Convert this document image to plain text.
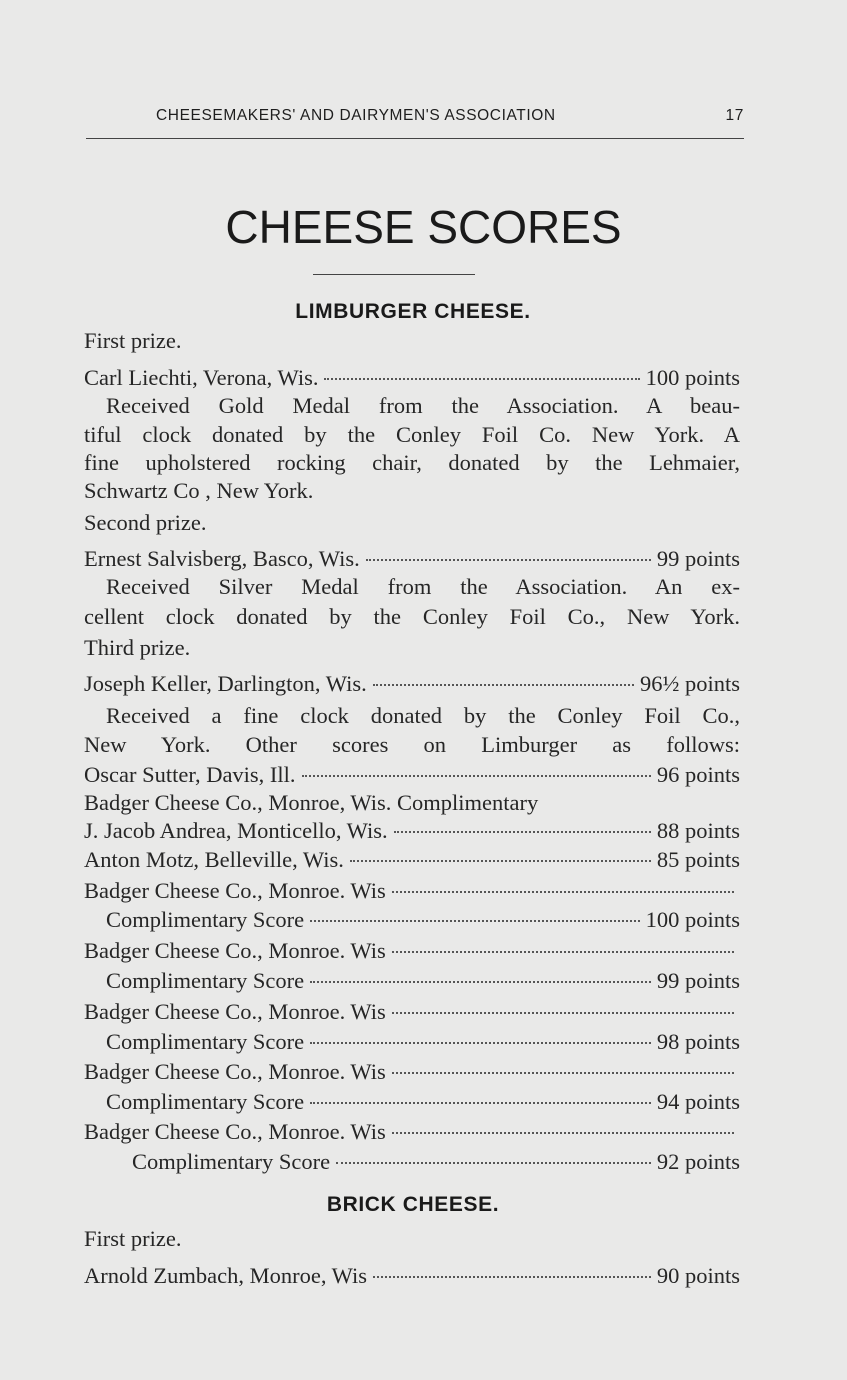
CHEESEMAKERS' AND DAIRYMEN'S ASSOCIATION	17
CHEESE SCORES
LIMBURGER CHEESE.
First prize.
Carl Liechti, Verona, Wis.	100 points
Received Gold Medal from the Association. A beau-
tiful clock donated by the Conley Foil Co. New York. A
fine upholstered rocking chair, donated by the Lehmaier,
Schwartz Co , New York.
Second prize.
Ernest Salvisberg, Basco, Wis.	99 points
Received Silver Medal from the Association. An ex-
cellent clock donated by the Conley Foil Co., New York.
Third prize.
Joseph Keller, Darlington, Wis.	96½ points
Received a fine clock donated by the Conley Foil Co.,
New York. Other scores on Limburger as follows:
Oscar Sutter, Davis, Ill.	96 points
Badger Cheese Co., Monroe, Wis. Complimentary
J. Jacob Andrea, Monticello, Wis.	88 points
Anton Motz, Belleville, Wis.	85 points
Badger Cheese Co., Monroe. Wis
Complimentary Score	100 points
Badger Cheese Co., Monroe. Wis
Complimentary Score	99 points
Badger Cheese Co., Monroe. Wis
Complimentary Score	98 points
Badger Cheese Co., Monroe. Wis
Complimentary Score	94 points
Badger Cheese Co., Monroe. Wis
Complimentary Score	92 points
BRICK CHEESE.
First prize.
Arnold Zumbach, Monroe, Wis	90 points
